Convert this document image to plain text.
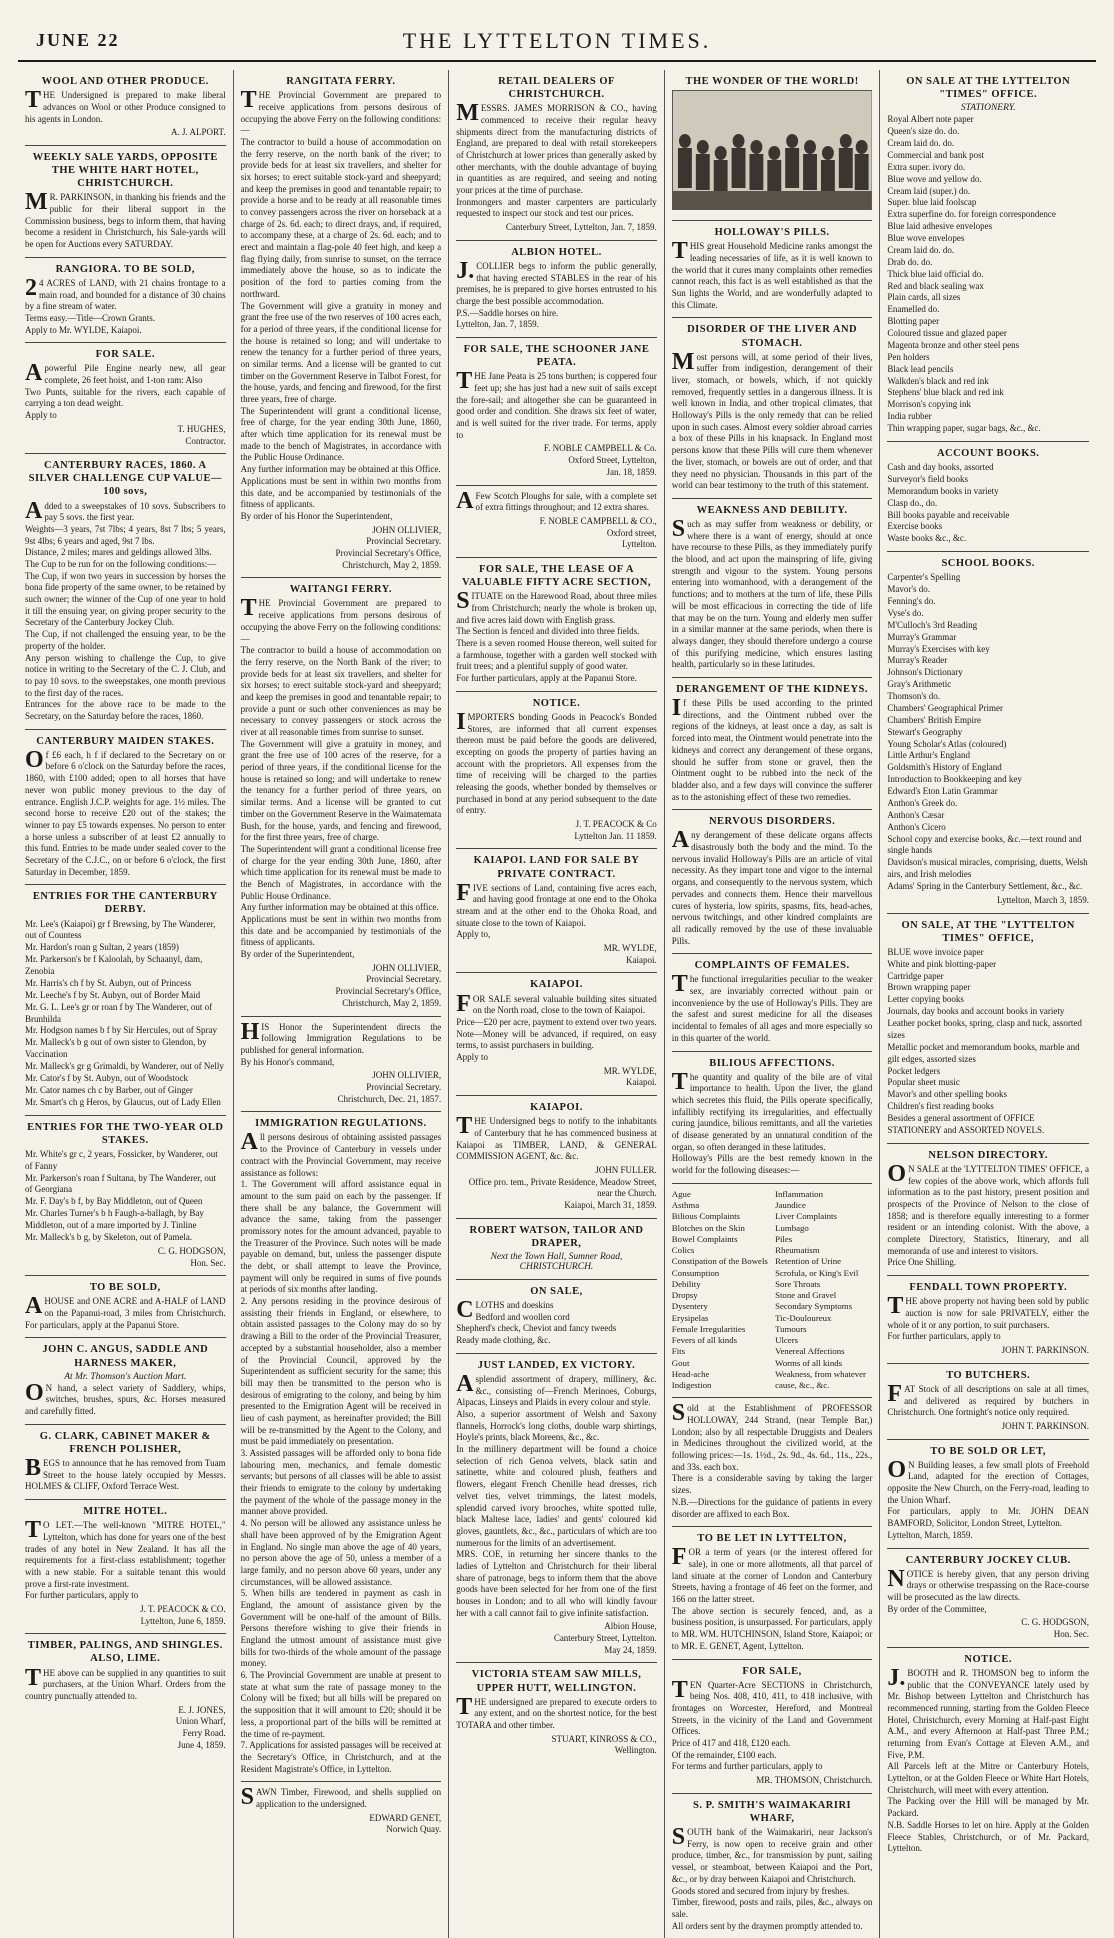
JUNE 22	THE LYTTELTON TIMES.
WOOL AND OTHER PRODUCE.
THE Undersigned is prepared to make liberal advances on Wool or other Produce consigned to his agents in London.
A. J. ALPORT.
WEEKLY SALE YARDS, OPPOSITE THE WHITE HART HOTEL, CHRISTCHURCH.
MR. PARKINSON, in thanking his friends and the public for their liberal support in the Commission business, begs to inform them, that having become a resident in Christchurch, his Sale-yards will be open for Auctions every SATURDAY.
RANGIORA. TO BE SOLD,
24 ACRES of LAND, with 21 chains frontage to a main road, and bounded for a distance of 30 chains by a fine stream of water.
Terms easy.—Title—Crown Grants.
Apply to Mr. WYLDE, Kaiapoi.
FOR SALE.
Apowerful Pile Engine nearly new, all gear complete, 26 feet hoist, and 1-ton ram: Also
Two Punts, suitable for the rivers, each capable of carrying a ton dead weight.
Apply to
T. HUGHES,
Contractor.
CANTERBURY RACES, 1860. A SILVER CHALLENGE CUP VALUE—100 sovs,
Added to a sweepstakes of 10 sovs. Subscribers to pay 5 sovs. the first year.
Weights—3 years, 7st 7lbs; 4 years, 8st 7 lbs; 5 years, 9st 4lbs; 6 years and aged, 9st 7 lbs.
Distance, 2 miles; mares and geldings allowed 3lbs.
The Cup to be run for on the following conditions:—
The Cup, if won two years in succession by horses the bona fide property of the same owner, to be retained by such owner; the winner of the Cup of one year to hold it till the ensuing year, on giving proper security to the Secretary of the Canterbury Jockey Club.
The Cup, if not challenged the ensuing year, to be the property of the holder.
Any person wishing to challenge the Cup, to give notice in writing to the Secretary of the C. J. Club, and to pay 10 sovs. to the sweepstakes, one month previous to the first day of the races.
Entrances for the above race to be made to the Secretary, on the Saturday before the races, 1860.
CANTERBURY MAIDEN STAKES.
Of £6 each, h f if declared to the Secretary on or before 6 o'clock on the Saturday before the races, 1860, with £100 added; open to all horses that have never won public money previous to the day of entrance. English J.C.P. weights for age. 1½ miles. The second horse to receive £20 out of the stakes; the winner to pay £5 towards expenses. No person to enter a horse unless a subscriber of at least £2 annually to this fund. Entries to be made under sealed cover to the Secretary of the C.J.C., on or before 6 o'clock, the first Saturday in December, 1859.
ENTRIES FOR THE CANTERBURY DERBY.
Mr. Lee's (Kaiapoi) gr f Brewsing, by The Wanderer, out of Countess
Mr. Hardon's roan g Sultan, 2 years (1859)
Mr. Parkerson's br f Kaloolah, by Schaanyl, dam, Zenobia
Mr. Harris's ch f by St. Aubyn, out of Princess
Mr. Leeche's f by St. Aubyn, out of Border Maid
Mr. G. L. Lee's gr or roan f by The Wanderer, out of Brunhilda
Mr. Hodgson names b f by Sir Hercules, out of Spray
Mr. Malleck's b g out of own sister to Glendon, by Vaccination
Mr. Malleck's gr g Grimaldi, by Wanderer, out of Nelly
Mr. Cator's f by St. Aubyn, out of Woodstock
Mr. Cator names ch c by Barber, out of Ginger
Mr. Smart's ch g Heros, by Glaucus, out of Lady Ellen
ENTRIES FOR THE TWO-YEAR OLD STAKES.
Mr. White's gr c, 2 years, Fossicker, by Wanderer, out of Fanny
Mr. Parkerson's roan f Sultana, by The Wanderer, out of Georgiana
Mr. F. Day's b f, by Bay Middleton, out of Queen
Mr. Charles Turner's b h Faugh-a-ballagh, by Bay Middleton, out of a mare imported by J. Tinline
Mr. Malleck's b g, by Skeleton, out of Pamela.
C. G. HODGSON,
Hon. Sec.
TO BE SOLD,
AHOUSE and ONE ACRE and A-HALF of LAND on the Papanui-road, 3 miles from Christchurch. For particulars, apply at the Papanui Store.
JOHN C. ANGUS, SADDLE AND HARNESS MAKER,
At Mr. Thomson's Auction Mart.
ON hand, a select variety of Saddlery, whips, switches, brushes, spurs, &c. Horses measured and carefully fitted.
G. CLARK, CABINET MAKER & FRENCH POLISHER,
BEGS to announce that he has removed from Tuam Street to the house lately occupied by Messrs. HOLMES & CLIFF, Oxford Terrace West.
MITRE HOTEL.
TO LET.—The well-known "MITRE HOTEL," Lyttelton, which has done for years one of the best trades of any hotel in New Zealand. It has all the requirements for a first-class establishment; together with a new stable. For a suitable tenant this would prove a first-rate investment.
For further particulars, apply to
J. T. PEACOCK & CO.
Lyttelton, June 6, 1859.
TIMBER, PALINGS, AND SHINGLES. ALSO, LIME.
THE above can be supplied in any quantities to suit purchasers, at the Union Wharf. Orders from the country punctually attended to.
E. J. JONES,
Union Wharf,
Ferry Road.
June 4, 1859.
RANGITATA FERRY.
THE Provincial Government are prepared to receive applications from persons desirous of occupying the above Ferry on the following conditions:—
The contractor to build a house of accommodation on the ferry reserve, on the north bank of the river; to provide beds for at least six travellers, and shelter for six horses; to erect suitable stock-yard and sheepyard; and keep the premises in good and tenantable repair; to provide a horse and to be ready at all reasonable times to convey passengers across the river on horseback at a charge of 2s. 6d. each; to direct drays, and, if required, to accompany these, at a charge of 2s. 6d. each; and to erect and maintain a flag-pole 40 feet high, and keep a flag flying daily, from sunrise to sunset, on the terrace immediately above the house, so as to indicate the position of the ford to parties coming from the northward.
The Government will give a gratuity in money and grant the free use of the two reserves of 100 acres each, for a period of three years, if the conditional license for the house is retained so long; and will undertake to renew the tenancy for a further period of three years, on similar terms. And a license will be granted to cut timber on the Government Reserve in Talbot Forest, for the house, yards, and fencing and firewood, for the first three years, free of charge.
The Superintendent will grant a conditional license, free of charge, for the year ending 30th June, 1860, after which time application for its renewal must be made to the bench of Magistrates, in accordance with the Public House Ordinance.
Any further information may be obtained at this Office.
Applications must be sent in within two months from this date, and be accompanied by testimonials of the fitness of applicants.
By order of his Honor the Superintendent,
JOHN OLLIVIER,
Provincial Secretary.
Provincial Secretary's Office,
Christchurch, May 2, 1859.
WAITANGI FERRY.
THE Provincial Government are prepared to receive applications from persons desirous of occupying the above Ferry on the following conditions:—
The contractor to build a house of accommodation on the ferry reserve, on the North Bank of the river; to provide beds for at least six travellers, and shelter for six horses; to erect suitable stock-yard and sheepyard; and keep the premises in good and tenantable repair; to provide a punt or such other conveniences as may be necessary to convey passengers or stock across the river at all reasonable times from sunrise to sunset.
The Government will give a gratuity in money, and grant the free use of 100 acres of the reserve, for a period of three years, if the conditional license for the house is retained so long; and will undertake to renew the tenancy for a further period of three years, on similar terms. And a license will be granted to cut timber on the Government Reserve in the Waimatemata Bush, for the house, yards, and fencing and firewood, for the first three years, free of charge.
The Superintendent will grant a conditional license free of charge for the year ending 30th June, 1860, after which time application for its renewal must be made to the Bench of Magistrates, in accordance with the Public House Ordinance.
Any further information may be obtained at this office.
Applications must be sent in within two months from this date and be accompanied by testimonials of the fitness of applicants.
By order of the Superintendent,
JOHN OLLIVIER,
Provincial Secretary.
Provincial Secretary's Office,
Christchurch, May 2, 1859.
HIS Honor the Superintendent directs the following Immigration Regulations to be published for general information.
By his Honor's command,
JOHN OLLIVIER,
Provincial Secretary.
Christchurch, Dec. 21, 1857.
IMMIGRATION REGULATIONS.
All persons desirous of obtaining assisted passages to the Province of Canterbury in vessels under contract with the Provincial Government, may receive assistance as follows:
1. The Government will afford assistance equal in amount to the sum paid on each by the passenger. If there shall be any balance, the Government will advance the same, taking from the passenger promissory notes for the amount advanced, payable to the Treasurer of the Province. Such notes will be made payable on demand, but, unless the passenger dispute the debt, or shall attempt to leave the Province, payment will only be required in sums of five pounds at periods of six months after landing.
2. Any persons residing in the province desirous of assisting their friends in England, or elsewhere, to obtain assisted passages to the Colony may do so by drawing a Bill to the order of the Provincial Treasurer, accepted by a substantial householder, also a member of the Provincial Council, approved by the Superintendent as sufficient security for the same; this bill may then be transmitted to the person who is desirous of emigrating to the colony, and being by him presented to the Emigration Agent will be received in lieu of cash payment, as hereinafter provided; the Bill will be re-transmitted by the Agent to the Colony, and must be paid immediately on presentation.
3. Assisted passages will be afforded only to bona fide labouring men, mechanics, and female domestic servants; but persons of all classes will be able to assist their friends to emigrate to the colony by undertaking the payment of the whole of the passage money in the manner above provided.
4. No person will be allowed any assistance unless he shall have been approved of by the Emigration Agent in England. No single man above the age of 40 years, no person above the age of 50, unless a member of a large family, and no person above 60 years, under any circumstances, will be allowed assistance.
5. When bills are tendered in payment as cash in England, the amount of assistance given by the Government will be one-half of the amount of Bills. Persons therefore wishing to give their friends in England the utmost amount of assistance must give bills for two-thirds of the whole amount of the passage money.
6. The Provincial Government are unable at present to state at what sum the rate of passage money to the Colony will be fixed; but all bills will be prepared on the supposition that it will amount to £20; should it be less, a proportional part of the bills will be remitted at the time of re-payment.
7. Applications for assisted passages will be received at the Secretary's Office, in Christchurch, and at the Resident Magistrate's Office, in Lyttelton.
SAWN Timber, Firewood, and shells supplied on application to the undersigned.
EDWARD GENET,
Norwich Quay.
RETAIL DEALERS OF CHRISTCHURCH.
MESSRS. JAMES MORRISON & CO., having commenced to receive their regular heavy shipments direct from the manufacturing districts of England, are prepared to deal with retail storekeepers of Christchurch at lower prices than generally asked by other merchants, with the double advantage of buying in quantities as are required, and seeing and noting your prices at the time of purchase.
Ironmongers and master carpenters are particularly requested to inspect our stock and test our prices.
Canterbury Street, Lyttelton, Jan. 7, 1859.
ALBION HOTEL.
J.COLLIER begs to inform the public generally, that having erected STABLES in the rear of his premises, he is prepared to give horses entrusted to his charge the best possible accommodation.
P.S.—Saddle horses on hire.
Lyttelton, Jan. 7, 1859.
FOR SALE, THE SCHOONER JANE PEATA.
THE Jane Peata is 25 tons burthen; is coppered four feet up; she has just had a new suit of sails except the fore-sail; and altogether she can be guaranteed in good order and condition. She draws six feet of water, and is well suited for the river trade. For terms, apply to
F. NOBLE CAMPBELL & Co.
Oxford Street, Lyttelton,
Jan. 18, 1859.
AFew Scotch Ploughs for sale, with a complete set of extra fittings throughout; and 12 extra shares.
F. NOBLE CAMPBELL & CO.,
Oxford street,
Lyttelton.
FOR SALE, THE LEASE OF A VALUABLE FIFTY ACRE SECTION,
SITUATE on the Harewood Road, about three miles from Christchurch; nearly the whole is broken up, and five acres laid down with English grass.
The Section is fenced and divided into three fields.
There is a seven roomed House thereon, well suited for a farmhouse, together with a garden well stocked with fruit trees; and a plentiful supply of good water.
For further particulars, apply at the Papanui Store.
NOTICE.
IMPORTERS bonding Goods in Peacock's Bonded Stores, are informed that all current expenses thereon must be paid before the goods are delivered, excepting on goods the property of parties having an account with the proprietors. All expenses from the time of receiving will be charged to the parties releasing the goods, whether bonded by themselves or purchased in bond at any period subsequent to the date of entry.
J. T. PEACOCK & Co
Lyttelton Jan. 11 1859.
KAIAPOI. LAND FOR SALE BY PRIVATE CONTRACT.
FIVE sections of Land, containing five acres each, and having good frontage at one end to the Ohoka stream and at the other end to the Ohoka Road, and situate close to the town of Kaiapoi.
Apply to,
MR. WYLDE,
Kaiapoi.
KAIAPOI.
FOR SALE several valuable building sites situated on the North road, close to the town of Kaiapoi.
Price—£20 per acre, payment to extend over two years.
Note—Money will be advanced, if required, on easy terms, to assist purchasers in building.
Apply to
MR. WYLDE,
Kaiapoi.
KAIAPOI.
THE Undersigned begs to notify to the inhabitants of Canterbury that he has commenced business at Kaiapoi as TIMBER, LAND, & GENERAL COMMISSION AGENT, &c. &c.
JOHN FULLER.
Office pro. tem., Private Residence, Meadow Street, near the Church.
Kaiapoi, March 31, 1859.
ROBERT WATSON, TAILOR AND DRAPER,
Next the Town Hall, Sumner Road, CHRISTCHURCH.
ON SALE,
CLOTHS and doeskins
Bedford and woollen cord
Shepherd's check, Cheviot and fancy tweeds
Ready made clothing, &c.
JUST LANDED, EX VICTORY.
Asplendid assortment of drapery, millinery, &c. &c., consisting of—French Merinoes, Coburgs, Alpacas, Linseys and Plaids in every colour and style.
Also, a superior assortment of Welsh and Saxony flannels, Horrock's long cloths, double warp shirtings, Hoyle's prints, black Moreens, &c., &c.
In the millinery department will be found a choice selection of rich Genoa velvets, black satin and satinette, white and coloured plush, feathers and flowers, elegant French Chenille head dresses, rich velvet ties, velvet trimmings, the latest models, splendid carved ivory brooches, white spotted tulle, black Maltese lace, ladies' and gents' coloured kid gloves, gauntlets, &c., &c., particulars of which are too numerous for the limits of an advertisement.
MRS. COE, in returning her sincere thanks to the ladies of Lyttelton and Christchurch for their liberal share of patronage, begs to inform them that the above goods have been selected for her from one of the first houses in London; and to all who will kindly favour her with a call cannot fail to give infinite satisfaction.
Albion House,
Canterbury Street, Lyttelton.
May 24, 1859.
VICTORIA STEAM SAW MILLS, UPPER HUTT, WELLINGTON.
THE undersigned are prepared to execute orders to any extent, and on the shortest notice, for the best TOTARA and other timber.
STUART, KINROSS & CO.,
Wellington.
THE WONDER OF THE WORLD!
HOLLOWAY'S PILLS.
THIS great Household Medicine ranks amongst the leading necessaries of life, as it is well known to the world that it cures many complaints other remedies cannot reach, this fact is as well established as that the Sun lights the World, and are wonderfully adapted to this Climate.
DISORDER OF THE LIVER AND STOMACH.
Most persons will, at some period of their lives, suffer from indigestion, derangement of their liver, stomach, or bowels, which, if not quickly removed, frequently settles in a dangerous illness. It is well known in India, and other tropical climates, that Holloway's Pills is the only remedy that can be relied upon in such cases. Almost every soldier abroad carries a box of these Pills in his knapsack. In England most persons know that these Pills will cure them whenever the liver, stomach, or bowels are out of order, and that they need no physician. Thousands in this part of the world can bear testimony to the truth of this statement.
WEAKNESS AND DEBILITY.
Such as may suffer from weakness or debility, or where there is a want of energy, should at once have recourse to these Pills, as they immediately purify the blood, and act upon the mainspring of life, giving strength and vigour to the system. Young persons entering into womanhood, with a derangement of the functions; and to mothers at the turn of life, these Pills will be most efficacious in correcting the tide of life that may be on the turn. Young and elderly men suffer in a similar manner at the same periods, when there is always danger, they should therefore undergo a course of this purifying medicine, which ensures lasting health, particularly so in these latitudes.
DERANGEMENT OF THE KIDNEYS.
If these Pills be used according to the printed directions, and the Ointment rubbed over the regions of the kidneys, at least once a day, as salt is forced into meat, the Ointment would penetrate into the kidneys and correct any derangement of these organs, should he suffer from stone or gravel, then the Ointment ought to be rubbed into the neck of the bladder also, and a few days will convince the sufferer as to the astonishing effect of these two remedies.
NERVOUS DISORDERS.
Any derangement of these delicate organs affects disastrously both the body and the mind. To the nervous invalid Holloway's Pills are an article of vital necessity. As they impart tone and vigor to the internal organs, and consequently to the nervous system, which pervades and connects them. Hence their marvellous cures of hysteria, low spirits, spasms, fits, head-aches, nervous twitchings, and other kindred complaints are all radically removed by the use of these invaluable Pills.
COMPLAINTS OF FEMALES.
The functional irregularities peculiar to the weaker sex, are invariably corrected without pain or inconvenience by the use of Holloway's Pills. They are the safest and surest medicine for all the diseases incidental to females of all ages and more especially so in this quarter of the world.
BILIOUS AFFECTIONS.
The quantity and quality of the bile are of vital importance to health. Upon the liver, the gland which secretes this fluid, the Pills operate specifically, infallibly rectifying its irregularities, and effectually curing jaundice, bilious remittants, and all the varieties of disease generated by an unnatural condition of the organ, so often deranged in these latitudes.
Holloway's Pills are the best remedy known in the world for the following diseases:—
Ague
Asthma
Bilious Complaints
Blotches on the Skin
Bowel Complaints
Colics
Constipation of the Bowels
Consumption
Debility
Dropsy
Dysentery
Erysipelas
Female Irregularities
Fevers of all kinds
Fits
Gout
Head-ache
Indigestion
Inflammation
Jaundice
Liver Complaints
Lumbago
Piles
Rheumatism
Retention of Urine
Scrofula, or King's Evil
Sore Throats
Stone and Gravel
Secondary Symptoms
Tic-Douloureux
Tumours
Ulcers
Venereal Affections
Worms of all kinds
Weakness, from whatever cause, &c., &c.
Sold at the Establishment of PROFESSOR HOLLOWAY, 244 Strand, (near Temple Bar,) London; also by all respectable Druggists and Dealers in Medicines throughout the civilized world, at the following prices:—1s. 1½d., 2s. 9d., 4s. 6d., 11s., 22s., and 33s. each box.
There is a considerable saving by taking the larger sizes.
N.B.—Directions for the guidance of patients in every disorder are affixed to each Box.
TO BE LET IN LYTTELTON,
FOR a term of years (or the interest offered for sale), in one or more allotments, all that parcel of land situate at the corner of London and Canterbury Streets, having a frontage of 46 feet on the former, and 166 on the latter street.
The above section is securely fenced, and, as a business position, is unsurpassed. For particulars, apply to MR. WM. HUTCHINSON, Island Store, Kaiapoi; or to MR. E. GENET, Agent, Lyttelton.
FOR SALE,
TEN Quarter-Acre SECTIONS in Christchurch, being Nos. 408, 410, 411, to 418 inclusive, with frontages on Worcester, Hereford, and Montreal Streets, in the vicinity of the Land and Government Offices.
Price of 417 and 418, £120 each.
Of the remainder, £100 each.
For terms and further particulars, apply to
MR. THOMSON, Christchurch.
S. P. SMITH'S WAIMAKARIRI WHARF,
SOUTH bank of the Waimakariri, near Jackson's Ferry, is now open to receive grain and other produce, timber, &c., for transmission by punt, sailing vessel, or steamboat, between Kaiapoi and the Port, &c., or by dray between Kaiapoi and Christchurch.
Goods stored and secured from injury by freshes.
Timber, firewood, posts and rails, piles, &c., always on sale.
All orders sent by the draymen promptly attended to.
ON SALE AT THE LYTTELTON "TIMES" OFFICE.
STATIONERY.
Royal Albert note paper
Queen's size do. do.
Cream laid do. do.
Commercial and bank post
Extra super. ivory do.
Blue wove and yellow do.
Cream laid (super.) do.
Super. blue laid foolscap
Extra superfine do. for foreign correspondence
Blue laid adhesive envelopes
Blue wove envelopes
Cream laid do. do.
Drab do. do.
Thick blue laid official do.
Red and black sealing wax
Plain cards, all sizes
Enamelled do.
Blotting paper
Coloured tissue and glazed paper
Magenta bronze and other steel pens
Pen holders
Black lead pencils
Walkden's black and red ink
Stephens' blue black and red ink
Morrison's copying ink
India rubber
Thin wrapping paper, sugar bags, &c., &c.
ACCOUNT BOOKS.
Cash and day books, assorted
Surveyor's field books
Memorandum books in variety
Clasp do., do.
Bill books payable and receivable
Exercise books
Waste books &c., &c.
SCHOOL BOOKS.
Carpenter's Spelling
Mavor's do.
Fenning's do.
Vyse's do.
M'Culloch's 3rd Reading
Murray's Grammar
Murray's Exercises with key
Murray's Reader
Johnson's Dictionary
Gray's Arithmetic
Thomson's do.
Chambers' Geographical Primer
Chambers' British Empire
Stewart's Geography
Young Scholar's Atlas (coloured)
Little Arthur's England
Goldsmith's History of England
Introduction to Bookkeeping and key
Edward's Eton Latin Grammar
Anthon's Greek do.
Anthon's Cæsar
Anthon's Cicero
School copy and exercise books, &c.—text round and single hands
Davidson's musical miracles, comprising, duetts, Welsh airs, and Irish melodies
Adams' Spring in the Canterbury Settlement, &c., &c.
Lyttelton, March 3, 1859.
ON SALE, AT THE "LYTTELTON TIMES" OFFICE,
BLUE wove invoice paper
White and pink blotting-paper
Cartridge paper
Brown wrapping paper
Letter copying books
Journals, day books and account books in variety
Leather pocket books, spring, clasp and tuck, assorted sizes
Metallic pocket and memorandum books, marble and gilt edges, assorted sizes
Pocket ledgers
Popular sheet music
Mavor's and other spelling books
Children's first reading books
Besides a general assortment of OFFICE STATIONERY and ASSORTED NOVELS.
NELSON DIRECTORY.
ON SALE at the 'LYTTELTON TIMES' OFFICE, a few copies of the above work, which affords full information as to the past history, present position and prospects of the Province of Nelson to the close of 1858; and is therefore equally interesting to a former resident or an intending colonist. With the above, a complete Directory, Statistics, Itinerary, and all memoranda of use and interest to visitors.
Price One Shilling.
FENDALL TOWN PROPERTY.
THE above property not having been sold by public auction is now for sale PRIVATELY, either the whole of it or any portion, to suit purchasers.
For further particulars, apply to
JOHN T. PARKINSON.
TO BUTCHERS.
FAT Stock of all descriptions on sale at all times, and delivered as required by butchers in Christchurch. One fortnight's notice only required.
JOHN T. PARKINSON.
TO BE SOLD OR LET,
ON Building leases, a few small plots of Freehold Land, adapted for the erection of Cottages, opposite the New Church, on the Ferry-road, leading to the Union Wharf.
For particulars, apply to Mr. JOHN DEAN BAMFORD, Solicitor, London Street, Lyttelton.
Lyttelton, March, 1859.
CANTERBURY JOCKEY CLUB.
NOTICE is hereby given, that any person driving drays or otherwise trespassing on the Race-course will be prosecuted as the law directs.
By order of the Committee,
C. G. HODGSON,
Hon. Sec.
NOTICE.
J.BOOTH and R. THOMSON beg to inform the public that the CONVEYANCE lately used by Mr. Bishop between Lyttelton and Christchurch has recommenced running, starting from the Golden Fleece Hotel, Christchurch, every Morning at Half-past Eight A.M., and every Afternoon at Half-past Three P.M.; returning from Evan's Cottage at Eleven A.M., and Five, P.M.
All Parcels left at the Mitre or Canterbury Hotels, Lyttelton, or at the Golden Fleece or White Hart Hotels, Christchurch, will meet with every attention.
The Packing over the Hill will be managed by Mr. Packard.
N.B. Saddle Horses to let on hire. Apply at the Golden Fleece Stables, Christchurch, or of Mr. Packard, Lyttelton.
